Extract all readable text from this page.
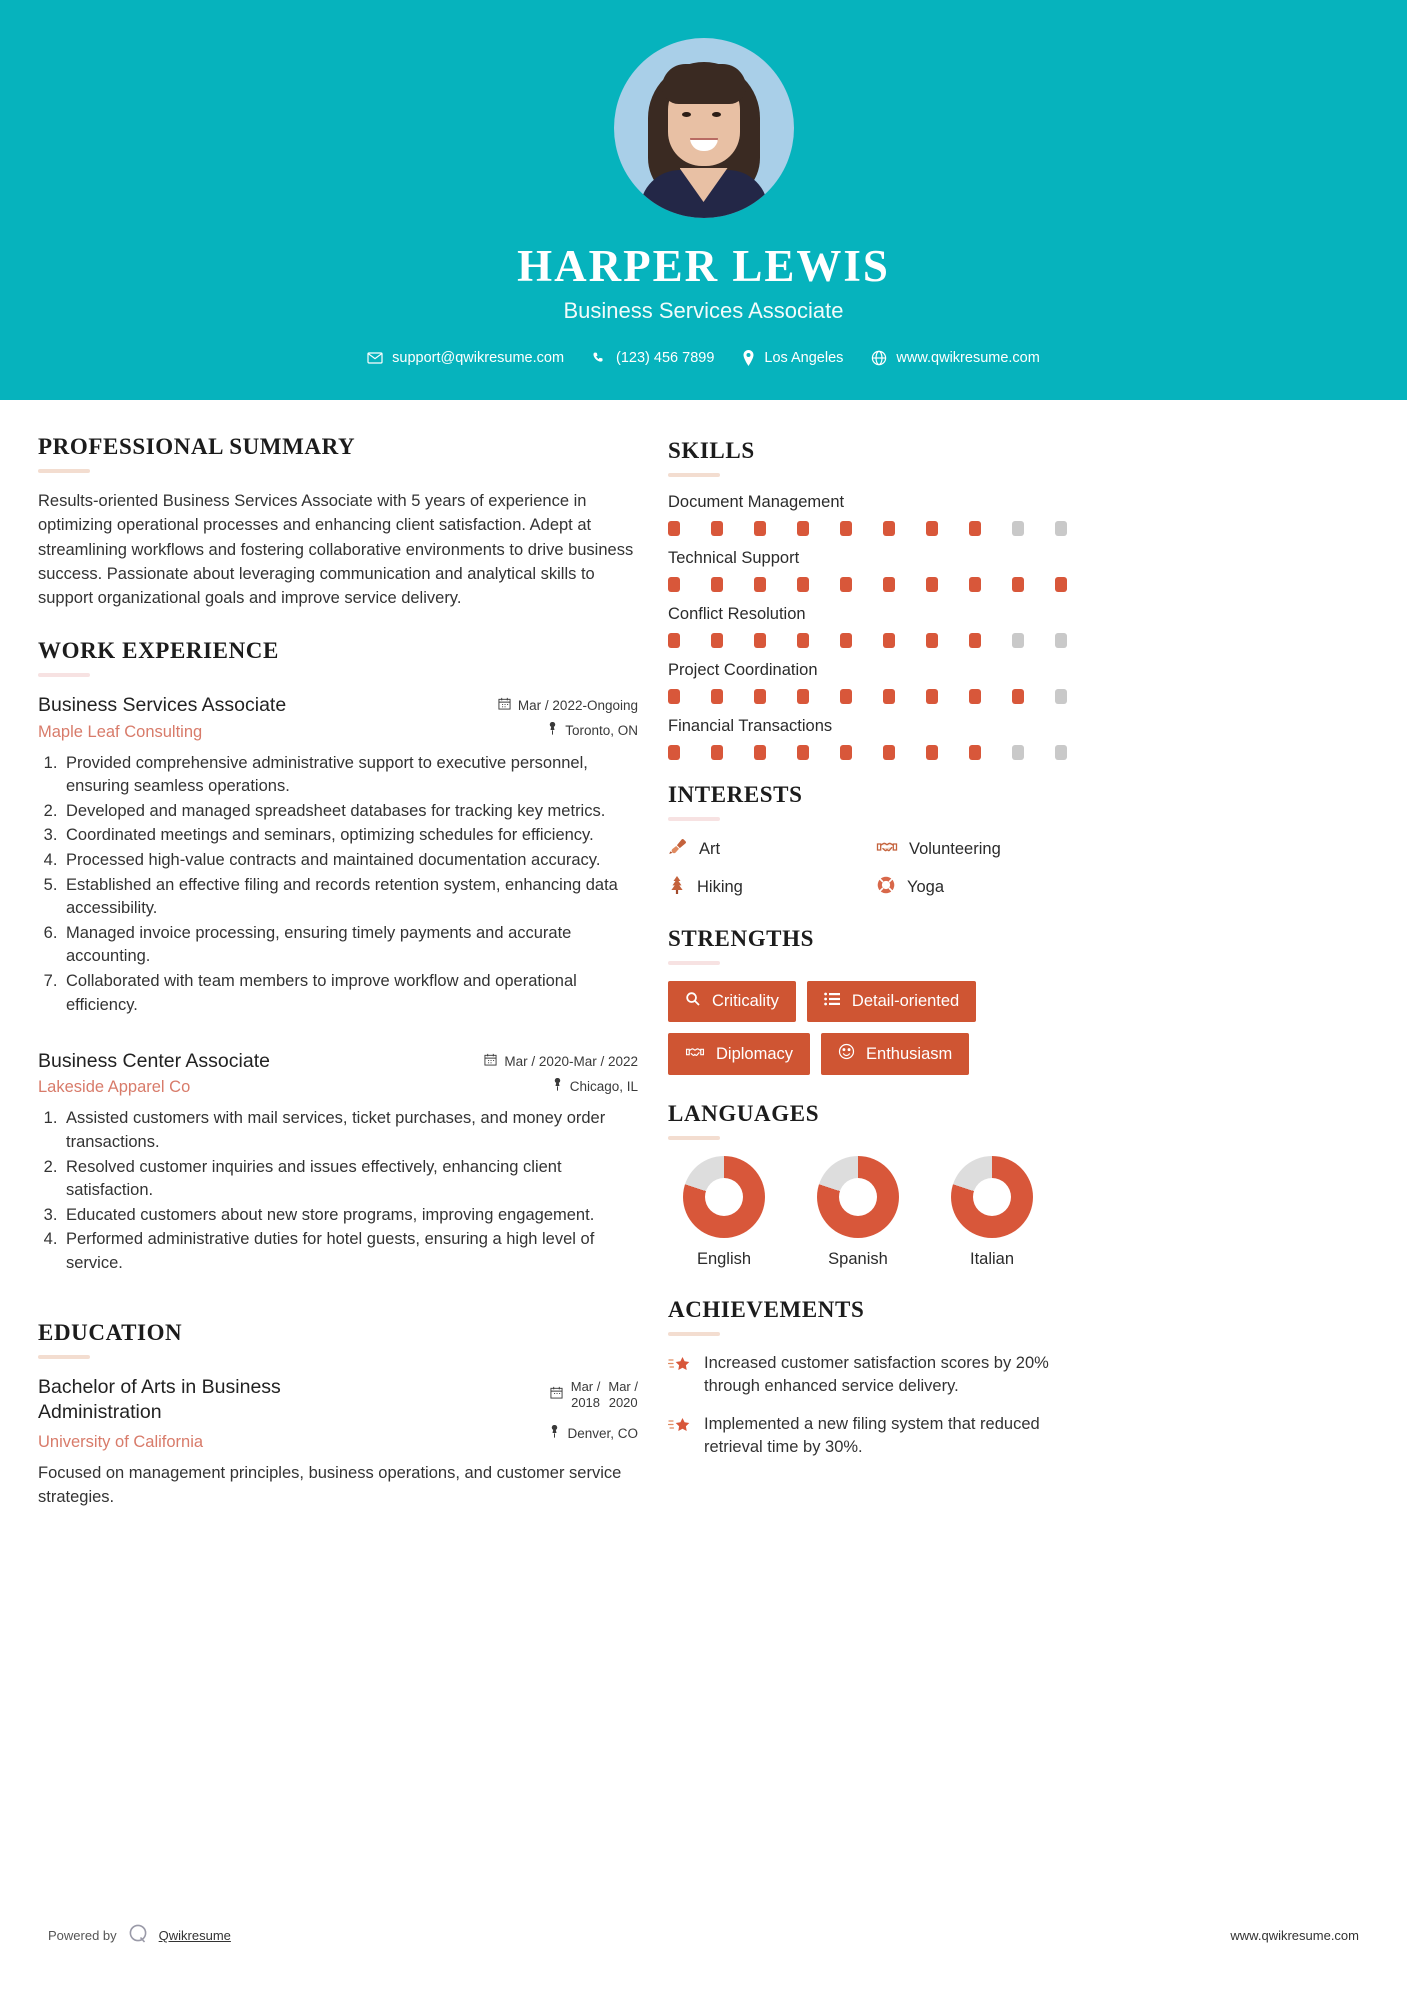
HARPER LEWIS
Business Services Associate
support@qwikresume.com	(123) 456 7899	Los Angeles	www.qwikresume.com
PROFESSIONAL SUMMARY
Results-oriented Business Services Associate with 5 years of experience in optimizing operational processes and enhancing client satisfaction. Adept at streamlining workflows and fostering collaborative environments to drive business success. Passionate about leveraging communication and analytical skills to support organizational goals and improve service delivery.
WORK EXPERIENCE
Business Services Associate
Maple Leaf Consulting
Mar / 2022-Ongoing
Toronto, ON
1. Provided comprehensive administrative support to executive personnel, ensuring seamless operations.
2. Developed and managed spreadsheet databases for tracking key metrics.
3. Coordinated meetings and seminars, optimizing schedules for efficiency.
4. Processed high-value contracts and maintained documentation accuracy.
5. Established an effective filing and records retention system, enhancing data accessibility.
6. Managed invoice processing, ensuring timely payments and accurate accounting.
7. Collaborated with team members to improve workflow and operational efficiency.
Business Center Associate
Lakeside Apparel Co
Mar / 2020-Mar / 2022
Chicago, IL
1. Assisted customers with mail services, ticket purchases, and money order transactions.
2. Resolved customer inquiries and issues effectively, enhancing client satisfaction.
3. Educated customers about new store programs, improving engagement.
4. Performed administrative duties for hotel guests, ensuring a high level of service.
EDUCATION
Bachelor of Arts in Business Administration
University of California
Mar /
2018
Mar /
2020
Denver, CO
Focused on management principles, business operations, and customer service strategies.
SKILLS
Document Management
Technical Support
Conflict Resolution
Project Coordination
Financial Transactions
INTERESTS
Art	Volunteering
Hiking	Yoga
STRENGTHS
Criticality	Detail-oriented
Diplomacy	Enthusiasm
LANGUAGES
English	Spanish	Italian
ACHIEVEMENTS
Increased customer satisfaction scores by 20% through enhanced service delivery.
Implemented a new filing system that reduced retrieval time by 30%.
Powered by	Qwikresume	www.qwikresume.com
